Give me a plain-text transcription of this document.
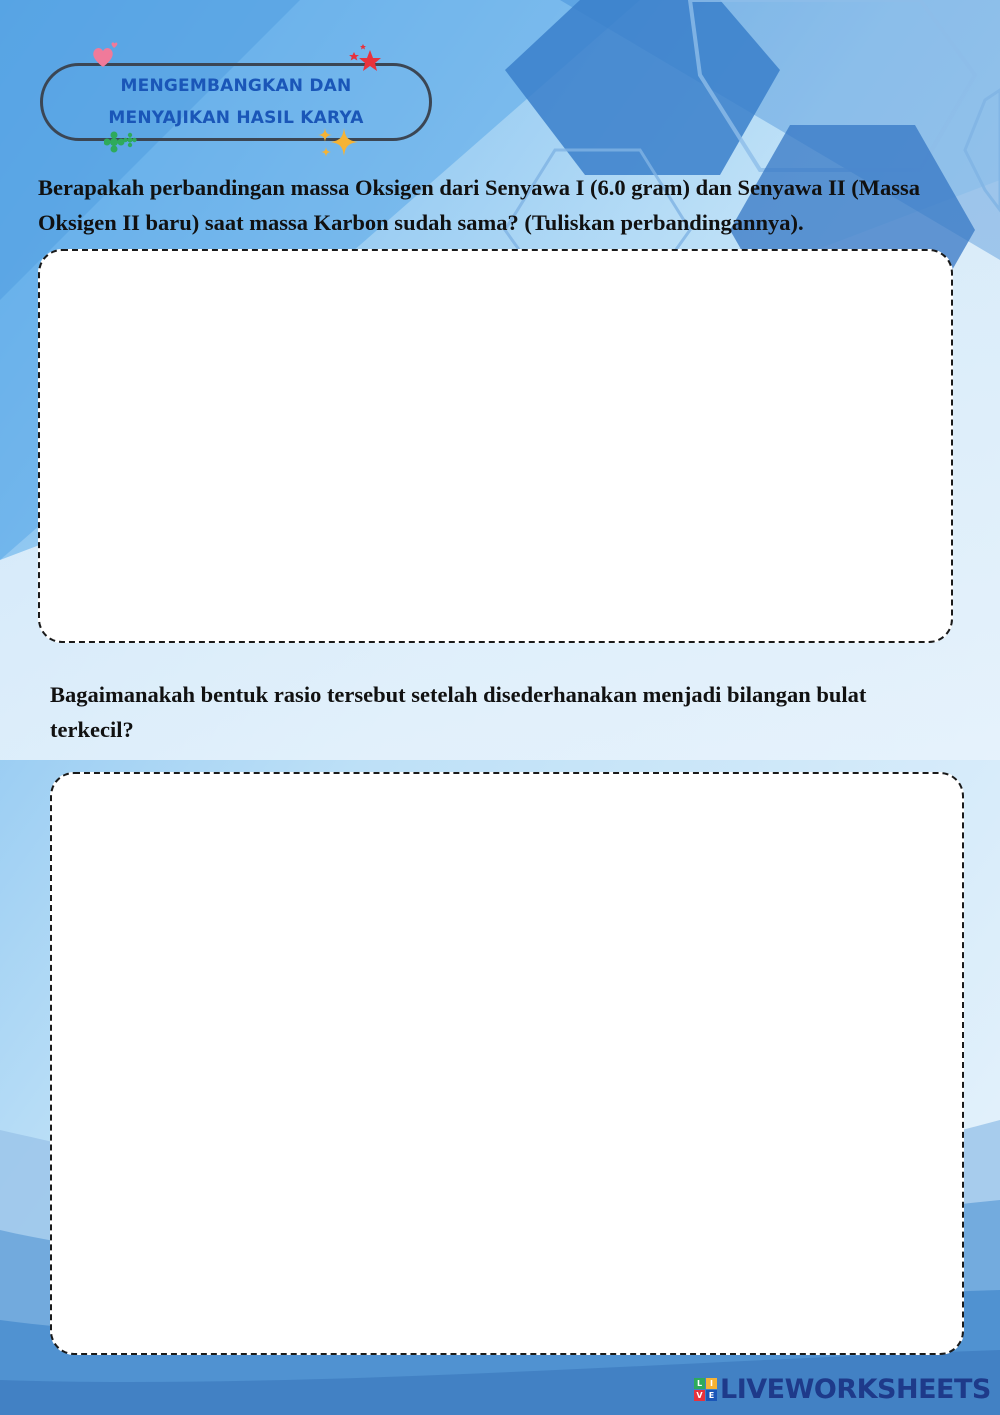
MENGEMBANGKAN DAN
MENYAJIKAN HASIL KARYA
Berapakah perbandingan massa Oksigen dari Senyawa I (6.0 gram) dan Senyawa II (Massa Oksigen II baru) saat massa Karbon sudah sama? (Tuliskan perbandingannya).
Bagaimanakah bentuk rasio tersebut setelah disederhanakan menjadi bilangan bulat terkecil?
L I
V E LIVEWORKSHEETS
